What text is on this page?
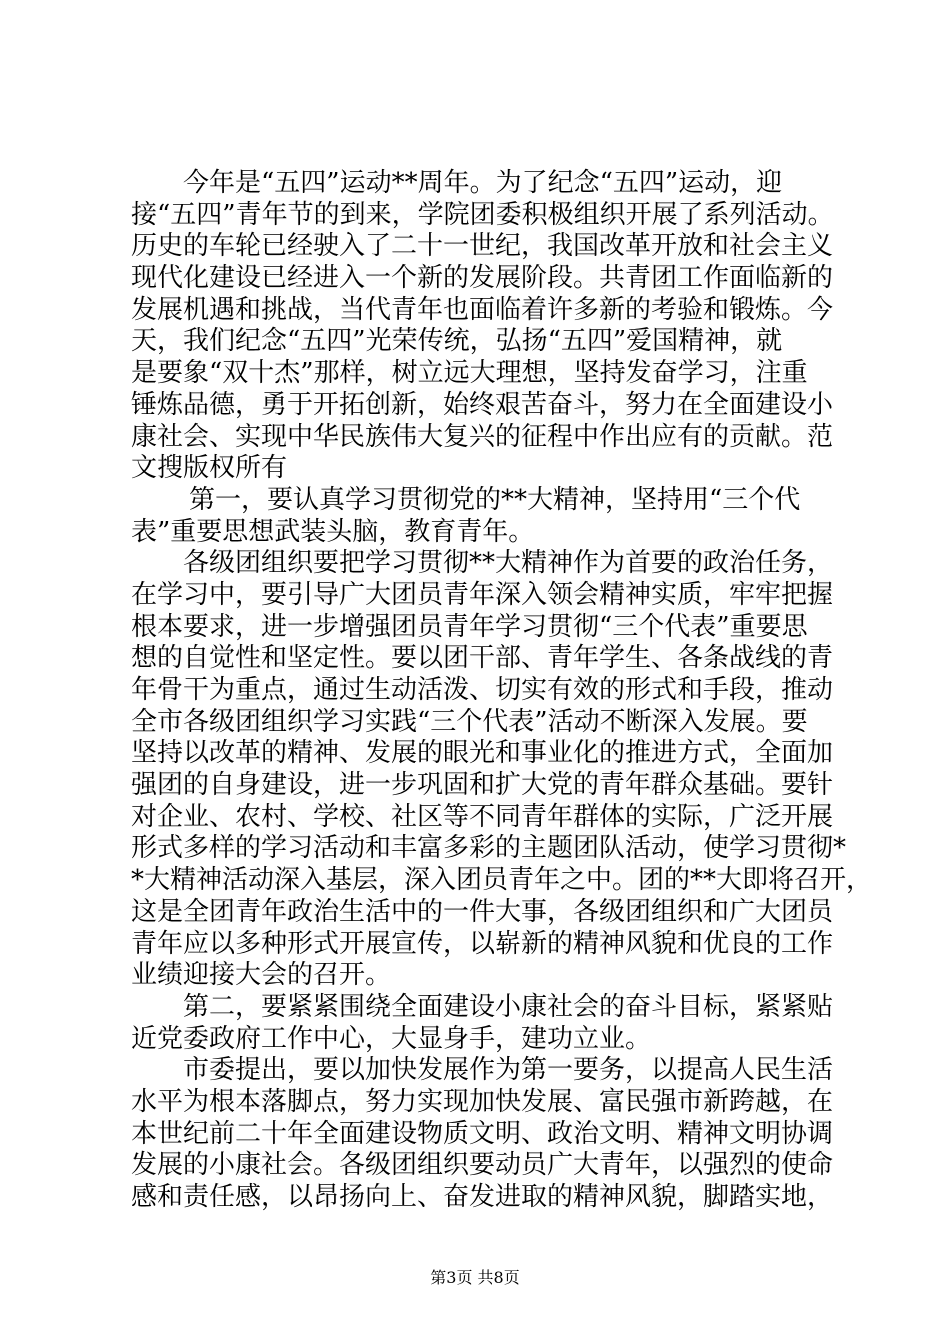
今年是“五四”运动**周年。为了纪念“五四”运动，迎
接“五四”青年节的到来，学院团委积极组织开展了系列活动。
历史的车轮已经驶入了二十一世纪，我国改革开放和社会主义
现代化建设已经进入一个新的发展阶段。共青团工作面临新的
发展机遇和挑战，当代青年也面临着许多新的考验和锻炼。今
天，我们纪念“五四”光荣传统，弘扬“五四”爱国精神，就
是要象“双十杰”那样，树立远大理想，坚持发奋学习，注重
锤炼品德，勇于开拓创新，始终艰苦奋斗，努力在全面建设小
康社会、实现中华民族伟大复兴的征程中作出应有的贡献。范
文搜版权所有
第一，要认真学习贯彻党的**大精神，坚持用“三个代
表”重要思想武装头脑，教育青年。
各级团组织要把学习贯彻**大精神作为首要的政治任务，
在学习中，要引导广大团员青年深入领会精神实质，牢牢把握
根本要求，进一步增强团员青年学习贯彻“三个代表”重要思
想的自觉性和坚定性。要以团干部、青年学生、各条战线的青
年骨干为重点，通过生动活泼、切实有效的形式和手段，推动
全市各级团组织学习实践“三个代表”活动不断深入发展。要
坚持以改革的精神、发展的眼光和事业化的推进方式，全面加
强团的自身建设，进一步巩固和扩大党的青年群众基础。要针
对企业、农村、学校、社区等不同青年群体的实际，广泛开展
形式多样的学习活动和丰富多彩的主题团队活动，使学习贯彻*
*大精神活动深入基层，深入团员青年之中。团的**大即将召开，
这是全团青年政治生活中的一件大事，各级团组织和广大团员
青年应以多种形式开展宣传，以崭新的精神风貌和优良的工作
业绩迎接大会的召开。
第二，要紧紧围绕全面建设小康社会的奋斗目标，紧紧贴
近党委政府工作中心，大显身手，建功立业。
市委提出，要以加快发展作为第一要务，以提高人民生活
水平为根本落脚点，努力实现加快发展、富民强市新跨越，在
本世纪前二十年全面建设物质文明、政治文明、精神文明协调
发展的小康社会。各级团组织要动员广大青年，以强烈的使命
感和责任感，以昂扬向上、奋发进取的精神风貌，脚踏实地，
第3页 共8页
